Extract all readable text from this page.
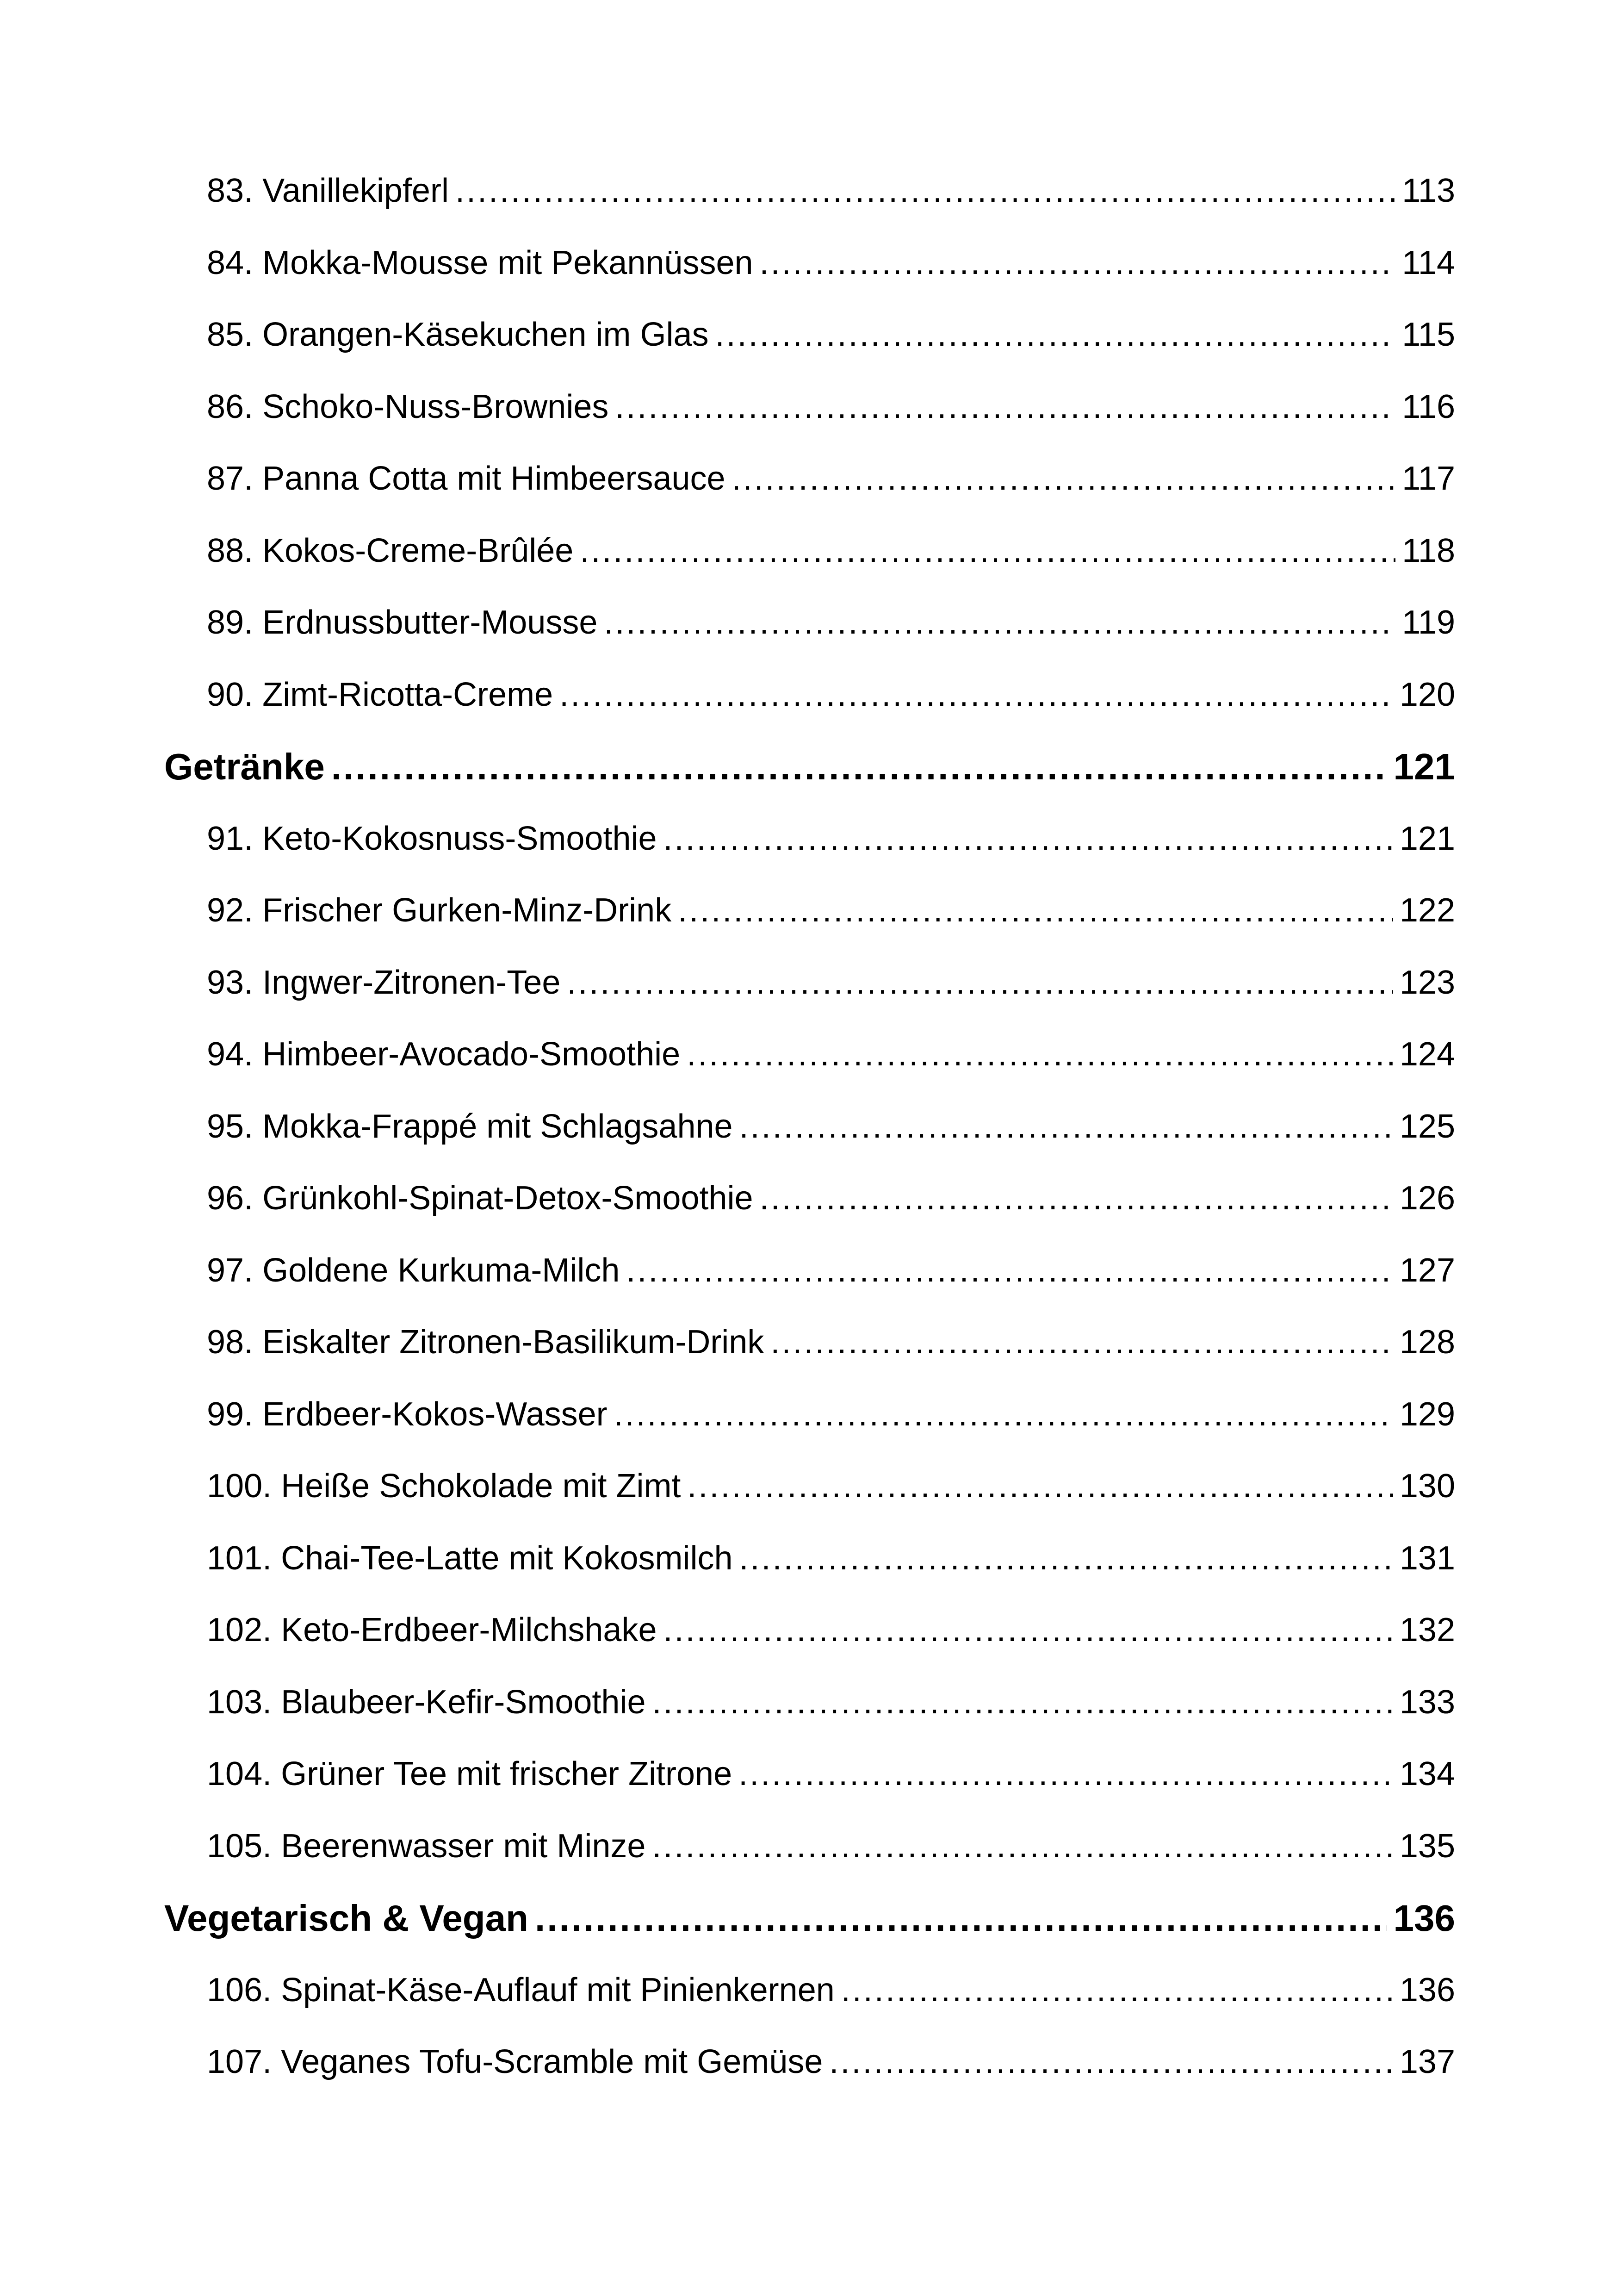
83. Vanillekipferl .....	113
84. Mokka-Mousse mit Pekannüssen .....	114
85. Orangen-Käsekuchen im Glas .....	115
86. Schoko-Nuss-Brownies .....	116
87. Panna Cotta mit Himbeersauce .....	117
88. Kokos-Creme-Brûlée .....	118
89. Erdnussbutter-Mousse .....	119
90. Zimt-Ricotta-Creme .....	120
Getränke .....	121
91. Keto-Kokosnuss-Smoothie .....	121
92. Frischer Gurken-Minz-Drink .....	122
93. Ingwer-Zitronen-Tee .....	123
94. Himbeer-Avocado-Smoothie .....	124
95. Mokka-Frappé mit Schlagsahne .....	125
96. Grünkohl-Spinat-Detox-Smoothie .....	126
97. Goldene Kurkuma-Milch .....	127
98. Eiskalter Zitronen-Basilikum-Drink .....	128
99. Erdbeer-Kokos-Wasser .....	129
100. Heiße Schokolade mit Zimt .....	130
101. Chai-Tee-Latte mit Kokosmilch .....	131
102. Keto-Erdbeer-Milchshake .....	132
103. Blaubeer-Kefir-Smoothie .....	133
104. Grüner Tee mit frischer Zitrone .....	134
105. Beerenwasser mit Minze .....	135
Vegetarisch & Vegan .....	136
106. Spinat-Käse-Auflauf mit Pinienkernen .....	136
107. Veganes Tofu-Scramble mit Gemüse .....	137
